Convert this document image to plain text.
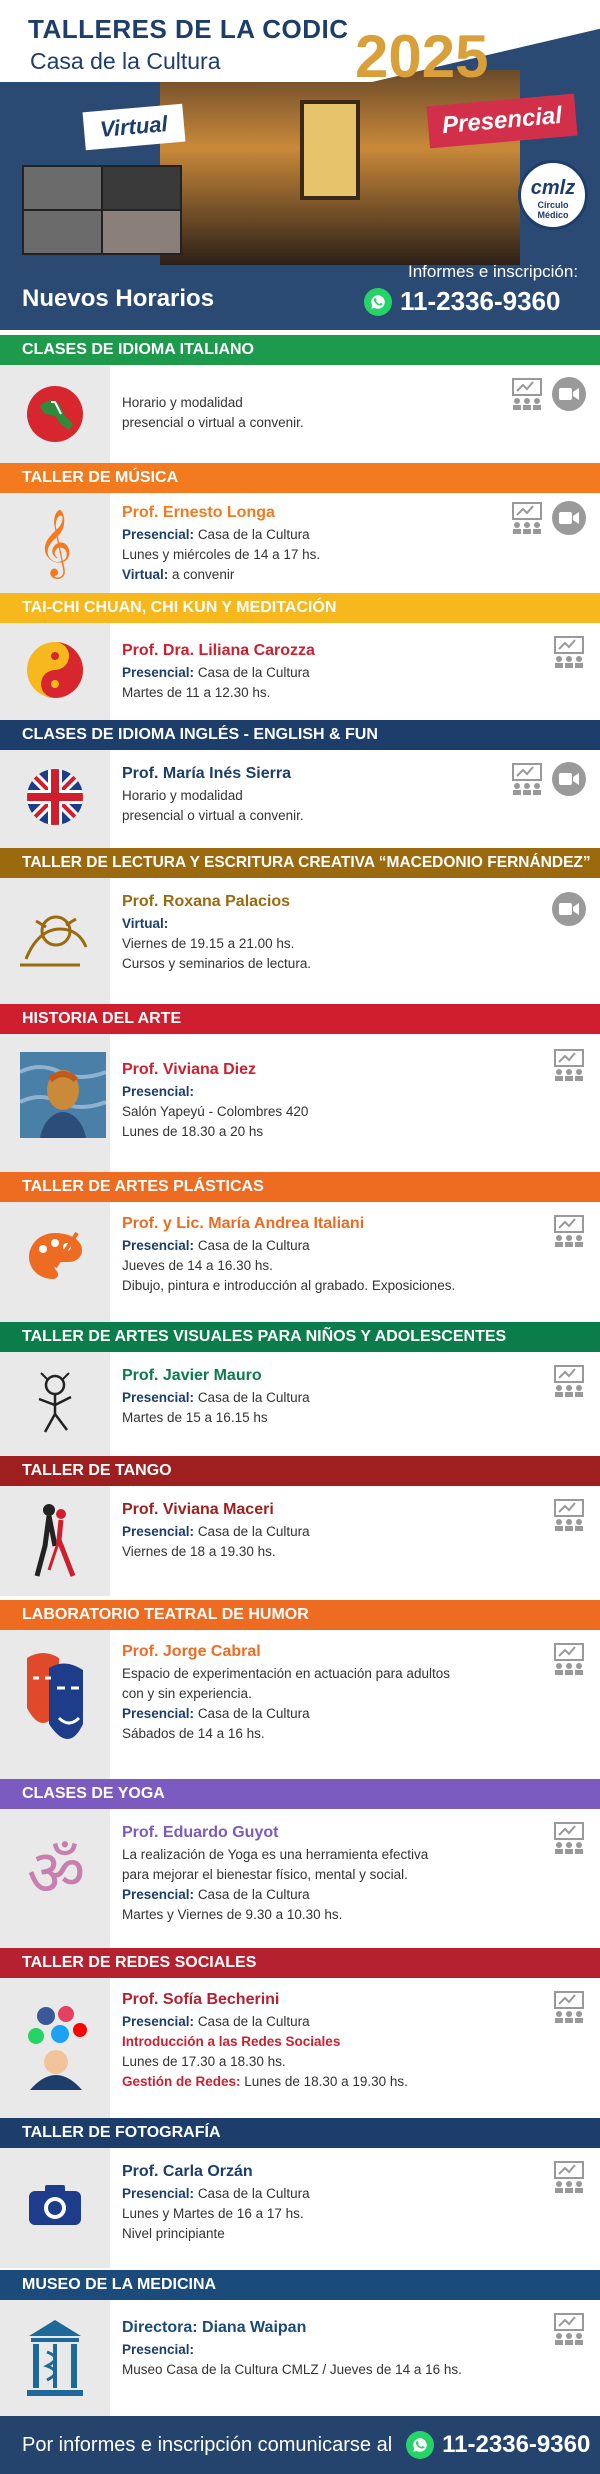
TALLERES DE LA CODIC
Casa de la Cultura 2025
Virtual	Presencial
cmlz
Círculo Médico
Nuevos Horarios
Informes e inscripción:
11-2336-9360
CLASES DE IDIOMA ITALIANO
Horario y modalidad
presencial o virtual a convenir.
TALLER DE MÚSICA
𝄞	Prof. Ernesto Longa
Presencial: Casa de la Cultura
Lunes y miércoles de 14 a 17 hs.
Virtual: a convenir
TAI-CHI CHUAN, CHI KUN Y MEDITACIÓN
Prof. Dra. Liliana Carozza
Presencial: Casa de la Cultura
Martes de 11 a 12.30 hs.
CLASES DE IDIOMA INGLÉS - ENGLISH & FUN
Prof. María Inés Sierra
Horario y modalidad
presencial o virtual a convenir.
TALLER DE LECTURA Y ESCRITURA CREATIVA “MACEDONIO FERNÁNDEZ”
Prof. Roxana Palacios
Virtual:
Viernes de 19.15 a 21.00 hs.
Cursos y seminarios de lectura.
HISTORIA DEL ARTE
Prof. Viviana Diez
Presencial:
Salón Yapeyú - Colombres 420
Lunes de 18.30 a 20 hs
TALLER DE ARTES PLÁSTICAS
Prof. y Lic. María Andrea Italiani
Presencial: Casa de la Cultura
Jueves de 14 a 16.30 hs.
Dibujo, pintura e introducción al grabado. Exposiciones.
TALLER DE ARTES VISUALES PARA NIÑOS Y ADOLESCENTES
Prof. Javier Mauro
Presencial: Casa de la Cultura
Martes de 15 a 16.15 hs
TALLER DE TANGO
Prof. Viviana Maceri
Presencial: Casa de la Cultura
Viernes de 18 a 19.30 hs.
LABORATORIO TEATRAL DE HUMOR
Prof. Jorge Cabral
Espacio de experimentación en actuación para adultos
con y sin experiencia.
Presencial: Casa de la Cultura
Sábados de 14 a 16 hs.
CLASES DE YOGA
ॐ
Prof. Eduardo Guyot
La realización de Yoga es una herramienta efectiva
para mejorar el bienestar físico, mental y social.
Presencial: Casa de la Cultura
Martes y Viernes de 9.30 a 10.30 hs.
TALLER DE REDES SOCIALES
Prof. Sofía Becherini
Presencial: Casa de la Cultura
Introducción a las Redes Sociales
Lunes de 17.30 a 18.30 hs.
Gestión de Redes: Lunes de 18.30 a 19.30 hs.
TALLER DE FOTOGRAFÍA
Prof. Carla Orzán
Presencial: Casa de la Cultura
Lunes y Martes de 16 a 17 hs.
Nivel principiante
MUSEO DE LA MEDICINA
Directora: Diana Waipan
Presencial:
Museo Casa de la Cultura CMLZ / Jueves de 14 a 16 hs.
Por informes e inscripción comunicarse al 11-2336-9360
